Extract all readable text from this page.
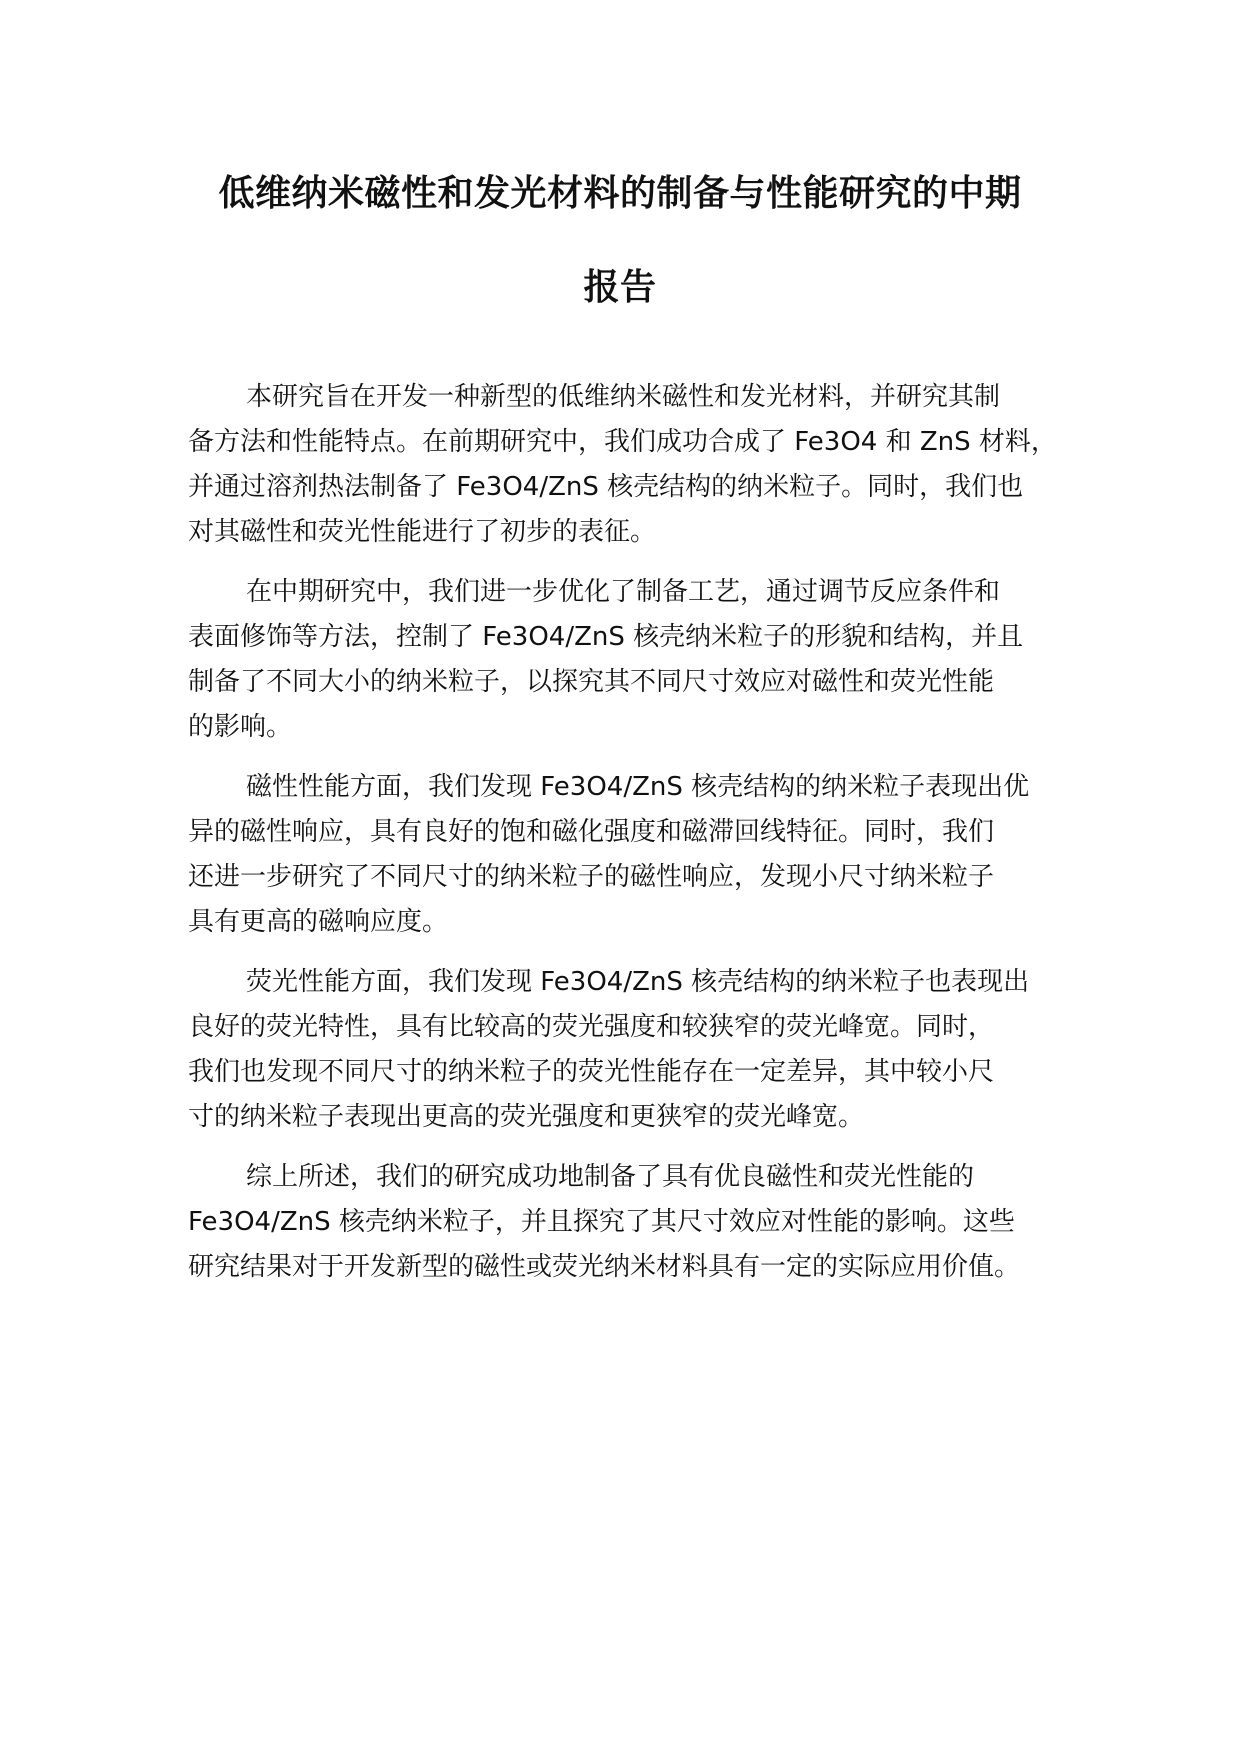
低维纳米磁性和发光材料的制备与性能研究的中期
报告

本研究旨在开发一种新型的低维纳米磁性和发光材料，并研究其制
备方法和性能特点。在前期研究中，我们成功合成了 Fe3O4 和 ZnS 材料，
并通过溶剂热法制备了 Fe3O4/ZnS 核壳结构的纳米粒子。同时，我们也
对其磁性和荧光性能进行了初步的表征。

在中期研究中，我们进一步优化了制备工艺，通过调节反应条件和
表面修饰等方法，控制了 Fe3O4/ZnS 核壳纳米粒子的形貌和结构，并且
制备了不同大小的纳米粒子，以探究其不同尺寸效应对磁性和荧光性能
的影响。

磁性性能方面，我们发现 Fe3O4/ZnS 核壳结构的纳米粒子表现出优
异的磁性响应，具有良好的饱和磁化强度和磁滞回线特征。同时，我们
还进一步研究了不同尺寸的纳米粒子的磁性响应，发现小尺寸纳米粒子
具有更高的磁响应度。

荧光性能方面，我们发现 Fe3O4/ZnS 核壳结构的纳米粒子也表现出
良好的荧光特性，具有比较高的荧光强度和较狭窄的荧光峰宽。同时，
我们也发现不同尺寸的纳米粒子的荧光性能存在一定差异，其中较小尺
寸的纳米粒子表现出更高的荧光强度和更狭窄的荧光峰宽。

综上所述，我们的研究成功地制备了具有优良磁性和荧光性能的
Fe3O4/ZnS 核壳纳米粒子，并且探究了其尺寸效应对性能的影响。这些
研究结果对于开发新型的磁性或荧光纳米材料具有一定的实际应用价值。
